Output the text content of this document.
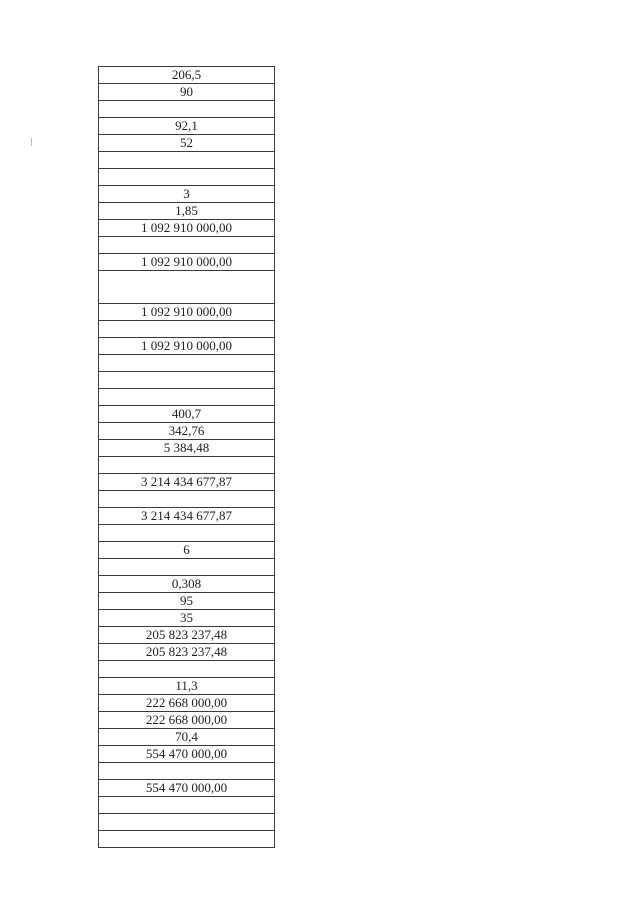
206,5
90

92,1
52

3
1,85
1 092 910 000,00

1 092 910 000,00

1 092 910 000,00

1 092 910 000,00

400,7
342,76
5 384,48

3 214 434 677,87

3 214 434 677,87

6

0,308
95
35
205 823 237,48
205 823 237,48

11,3
222 668 000,00
222 668 000,00
70,4
554 470 000,00

554 470 000,00
